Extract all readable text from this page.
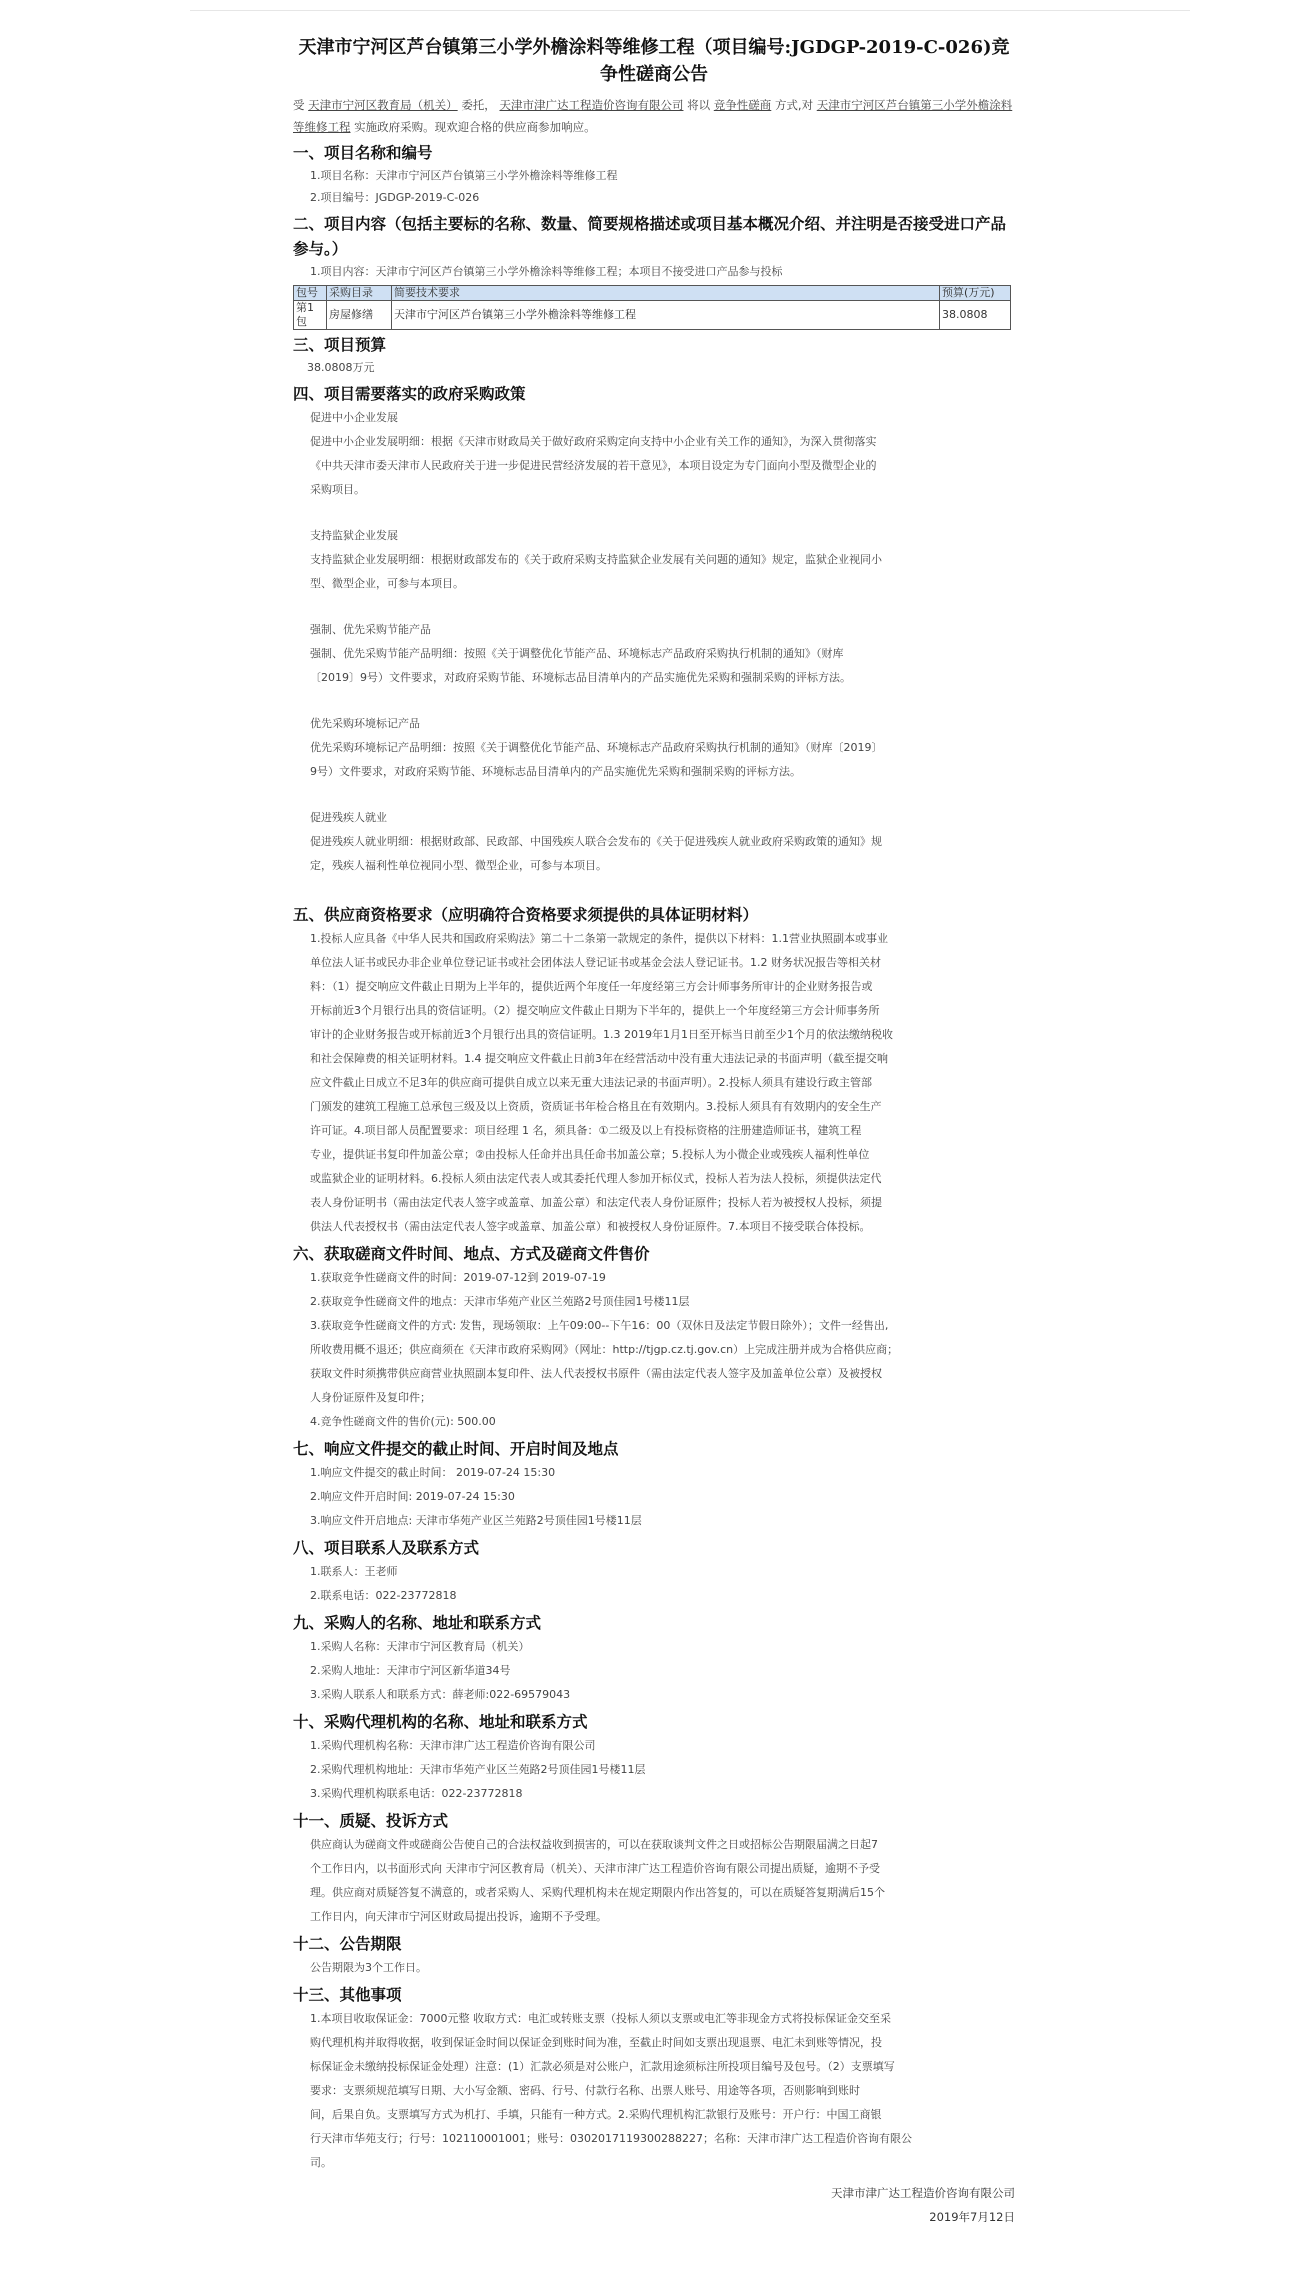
天津市宁河区芦台镇第三小学外檐涂料等维修工程（项目编号:JGDGP-2019-C-026)竞争性磋商公告
受 天津市宁河区教育局（机关） 委托， 天津市津广达工程造价咨询有限公司 将以 竞争性磋商 方式,对 天津市宁河区芦台镇第三小学外檐涂料等维修工程 实施政府采购。现欢迎合格的供应商参加响应。
一、项目名称和编号
1.项目名称：天津市宁河区芦台镇第三小学外檐涂料等维修工程
2.项目编号：JGDGP-2019-C-026
二、项目内容（包括主要标的名称、数量、简要规格描述或项目基本概况介绍、并注明是否接受进口产品参与。）
1.项目内容：天津市宁河区芦台镇第三小学外檐涂料等维修工程；本项目不接受进口产品参与投标
包号	采购目录	简要技术要求	预算(万元)
第1包	房屋修缮	天津市宁河区芦台镇第三小学外檐涂料等维修工程	38.0808
三、项目预算
38.0808万元
四、项目需要落实的政府采购政策
促进中小企业发展
促进中小企业发展明细：根据《天津市财政局关于做好政府采购定向支持中小企业有关工作的通知》，为深入贯彻落实
《中共天津市委天津市人民政府关于进一步促进民营经济发展的若干意见》，本项目设定为专门面向小型及微型企业的
采购项目。
支持监狱企业发展
支持监狱企业发展明细：根据财政部发布的《关于政府采购支持监狱企业发展有关问题的通知》规定，监狱企业视同小
型、微型企业，可参与本项目。
强制、优先采购节能产品
强制、优先采购节能产品明细：按照《关于调整优化节能产品、环境标志产品政府采购执行机制的通知》（财库
〔2019〕9号）文件要求，对政府采购节能、环境标志品目清单内的产品实施优先采购和强制采购的评标方法。
优先采购环境标记产品
优先采购环境标记产品明细：按照《关于调整优化节能产品、环境标志产品政府采购执行机制的通知》（财库〔2019〕
9号）文件要求，对政府采购节能、环境标志品目清单内的产品实施优先采购和强制采购的评标方法。
促进残疾人就业
促进残疾人就业明细：根据财政部、民政部、中国残疾人联合会发布的《关于促进残疾人就业政府采购政策的通知》规
定，残疾人福利性单位视同小型、微型企业，可参与本项目。
五、供应商资格要求（应明确符合资格要求须提供的具体证明材料）
1.投标人应具备《中华人民共和国政府采购法》第二十二条第一款规定的条件，提供以下材料：1.1营业执照副本或事业
单位法人证书或民办非企业单位登记证书或社会团体法人登记证书或基金会法人登记证书。1.2 财务状况报告等相关材
料：（1）提交响应文件截止日期为上半年的，提供近两个年度任一年度经第三方会计师事务所审计的企业财务报告或
开标前近3个月银行出具的资信证明。（2）提交响应文件截止日期为下半年的，提供上一个年度经第三方会计师事务所
审计的企业财务报告或开标前近3个月银行出具的资信证明。1.3 2019年1月1日至开标当日前至少1个月的依法缴纳税收
和社会保障费的相关证明材料。1.4 提交响应文件截止日前3年在经营活动中没有重大违法记录的书面声明（截至提交响
应文件截止日成立不足3年的供应商可提供自成立以来无重大违法记录的书面声明）。2.投标人须具有建设行政主管部
门颁发的建筑工程施工总承包三级及以上资质，资质证书年检合格且在有效期内。3.投标人须具有有效期内的安全生产
许可证。4.项目部人员配置要求：项目经理 1 名，须具备：①二级及以上有投标资格的注册建造师证书，建筑工程
专业，提供证书复印件加盖公章；②由投标人任命并出具任命书加盖公章；5.投标人为小微企业或残疾人福利性单位
或监狱企业的证明材料。6.投标人须由法定代表人或其委托代理人参加开标仪式，投标人若为法人投标，须提供法定代
表人身份证明书（需由法定代表人签字或盖章、加盖公章）和法定代表人身份证原件；投标人若为被授权人投标，须提
供法人代表授权书（需由法定代表人签字或盖章、加盖公章）和被授权人身份证原件。7.本项目不接受联合体投标。
六、获取磋商文件时间、地点、方式及磋商文件售价
1.获取竞争性磋商文件的时间：2019-07-12到 2019-07-19
2.获取竞争性磋商文件的地点：天津市华苑产业区兰苑路2号顶佳园1号楼11层
3.获取竞争性磋商文件的方式: 发售，现场领取：上午09:00--下午16：00（双休日及法定节假日除外）；文件一经售出,
所收费用概不退还；供应商须在《天津市政府采购网》（网址：http://tjgp.cz.tj.gov.cn）上完成注册并成为合格供应商；
获取文件时须携带供应商营业执照副本复印件、法人代表授权书原件（需由法定代表人签字及加盖单位公章）及被授权
人身份证原件及复印件；
4.竞争性磋商文件的售价(元): 500.00
七、响应文件提交的截止时间、开启时间及地点
1.响应文件提交的截止时间： 2019-07-24 15:30
2.响应文件开启时间: 2019-07-24 15:30
3.响应文件开启地点: 天津市华苑产业区兰苑路2号顶佳园1号楼11层
八、项目联系人及联系方式
1.联系人：王老师
2.联系电话：022-23772818
九、采购人的名称、地址和联系方式
1.采购人名称：天津市宁河区教育局（机关）
2.采购人地址：天津市宁河区新华道34号
3.采购人联系人和联系方式：薛老师:022-69579043
十、采购代理机构的名称、地址和联系方式
1.采购代理机构名称：天津市津广达工程造价咨询有限公司
2.采购代理机构地址：天津市华苑产业区兰苑路2号顶佳园1号楼11层
3.采购代理机构联系电话：022-23772818
十一、质疑、投诉方式
供应商认为磋商文件或磋商公告使自己的合法权益收到损害的，可以在获取谈判文件之日或招标公告期限届满之日起7
个工作日内，以书面形式向 天津市宁河区教育局（机关）、天津市津广达工程造价咨询有限公司提出质疑，逾期不予受
理。供应商对质疑答复不满意的，或者采购人、采购代理机构未在规定期限内作出答复的，可以在质疑答复期满后15个
工作日内，向天津市宁河区财政局提出投诉，逾期不予受理。
十二、公告期限
公告期限为3个工作日。
十三、其他事项
1.本项目收取保证金：7000元整 收取方式：电汇或转账支票（投标人须以支票或电汇等非现金方式将投标保证金交至采
购代理机构并取得收据，收到保证金时间以保证金到账时间为准，至截止时间如支票出现退票、电汇未到账等情况，投
标保证金未缴纳投标保证金处理）注意：(1）汇款必须是对公账户，汇款用途须标注所投项目编号及包号。（2）支票填写
要求：支票须规范填写日期、大小写金额、密码、行号、付款行名称、出票人账号、用途等各项，否则影响到账时
间，后果自负。支票填写方式为机打、手填，只能有一种方式。2.采购代理机构汇款银行及账号：开户行：中国工商银
行天津市华苑支行；行号：102110001001；账号：0302017119300288227；名称：天津市津广达工程造价咨询有限公
司。
天津市津广达工程造价咨询有限公司
2019年7月12日
